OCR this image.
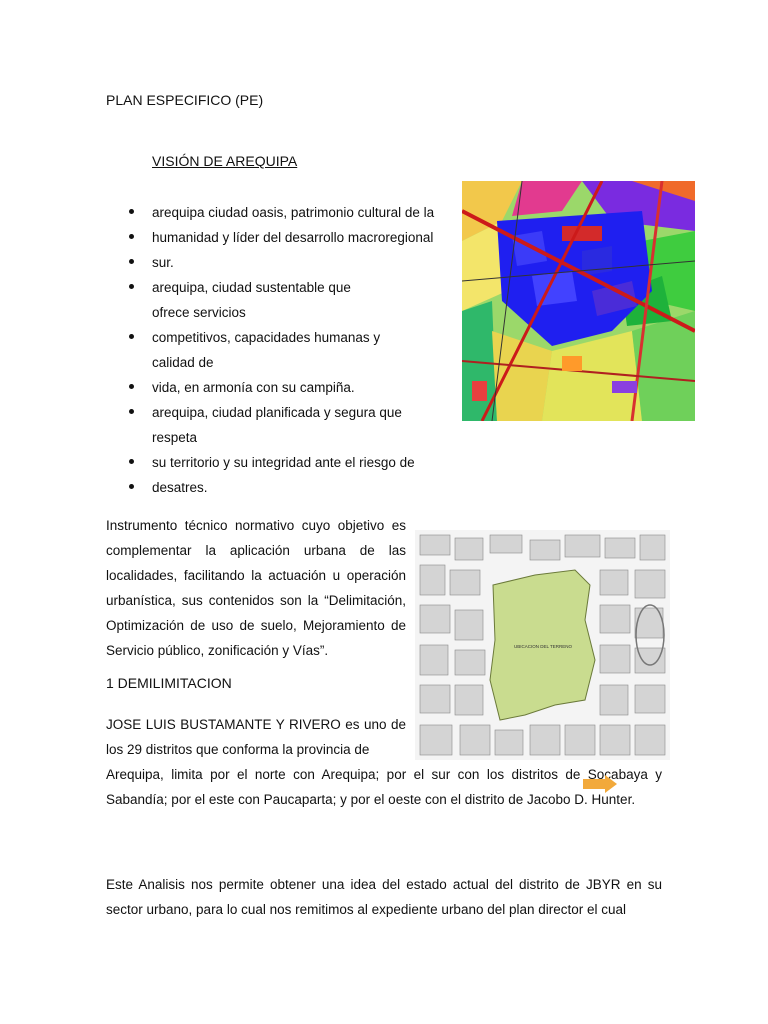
PLAN ESPECIFICO (PE)
VISIÓN DE AREQUIPA
arequipa ciudad oasis, patrimonio cultural de la
humanidad y líder del desarrollo macroregional
sur.
arequipa, ciudad sustentable que ofrece servicios
competitivos, capacidades humanas y calidad de
vida, en armonía con su campiña.
arequipa, ciudad planificada y segura que respeta
su territorio y su integridad ante el riesgo de
desatres.
UBICACION DEL TERRENO
Instrumento técnico normativo cuyo objetivo es complementar la aplicación urbana de las localidades, facilitando la actuación u operación urbanística, sus contenidos son la “Delimitación, Optimización de uso de suelo, Mejoramiento de Servicio público, zonificación y Vías”.
1 DEMILIMITACION
JOSE LUIS BUSTAMANTE Y RIVERO es uno de los 29 distritos que conforma la provincia de
Arequipa, limita por el norte con Arequipa; por el sur con los distritos de Socabaya y Sabandía; por el este con Paucaparta; y por el oeste con el distrito de Jacobo D. Hunter.
Este Analisis nos permite obtener una idea del estado actual del distrito de JBYR en su sector urbano, para lo cual nos remitimos al expediente urbano del plan director el cual
